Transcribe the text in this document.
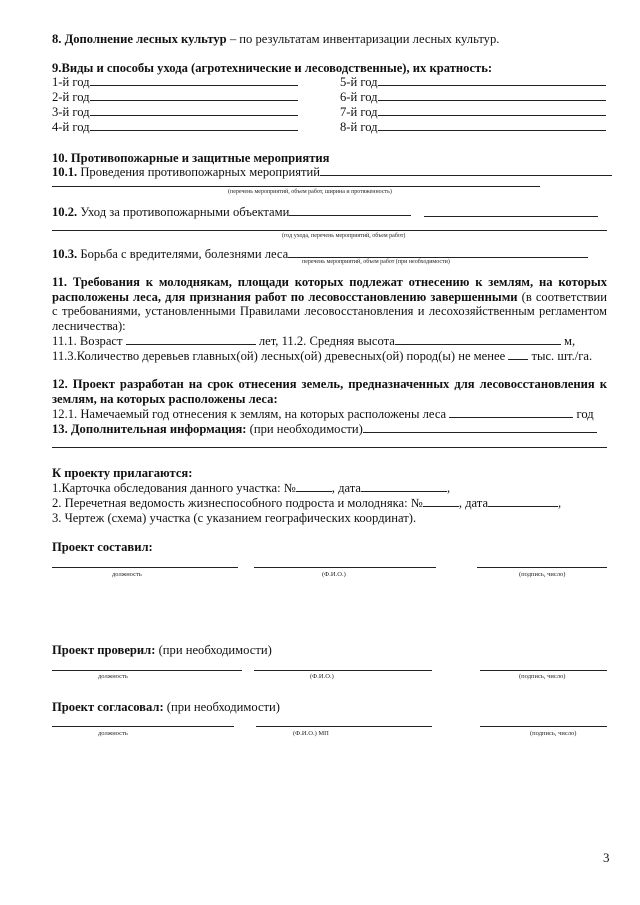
8. Дополнение лесных культур – по результатам инвентаризации лесных культур.
9.Виды и способы ухода (агротехнические и лесоводственные), их кратность:
1-й год
2-й год
3-й год
4-й год
5-й год
6-й год
7-й год
8-й год
10. Противопожарные и защитные мероприятия
10.1. Проведения противопожарных мероприятий
(перечень мероприятий, объем работ, ширина и протяженность)
10.2. Уход за противопожарными объектами
(год ухода, перечень мероприятий, объем работ)
10.3. Борьба с вредителями, болезнями леса
перечень мероприятий, объем работ (при необходимости)
11. Требования к молоднякам, площади которых подлежат отнесению к землям, на которых расположены леса, для признания работ по лесовосстановлению завершенными (в соответствии с требованиями, установленными Правилами лесовосстановления и лесохозяйственным регламентом лесничества):
11.1. Возраст	лет, 11.2. Средняя высота	м,
11.3.Количество деревьев главных(ой) лесных(ой) древесных(ой) пород(ы) не менее тыс. шт./га.
12. Проект разработан на срок отнесения земель, предназначенных для лесовосстановления к землям, на которых расположены леса:
12.1. Намечаемый год отнесения к землям, на которых расположены леса	год
13. Дополнительная информация: (при необходимости)
К проекту прилагаются:
1.Карточка обследования данного участка: №	, дата	,
2. Перечетная ведомость жизнеспособного подроста и молодняка: №	, дата	,
3. Чертеж (схема) участка (с указанием географических координат).
Проект составил:
должность	(Ф.И.О.)	(подпись, число)
Проект проверил: (при необходимости)
должность	(Ф.И.О.)	(подпись, число)
Проект согласовал: (при необходимости)
должность	(Ф.И.О.) МП	(подпись, число)
3
